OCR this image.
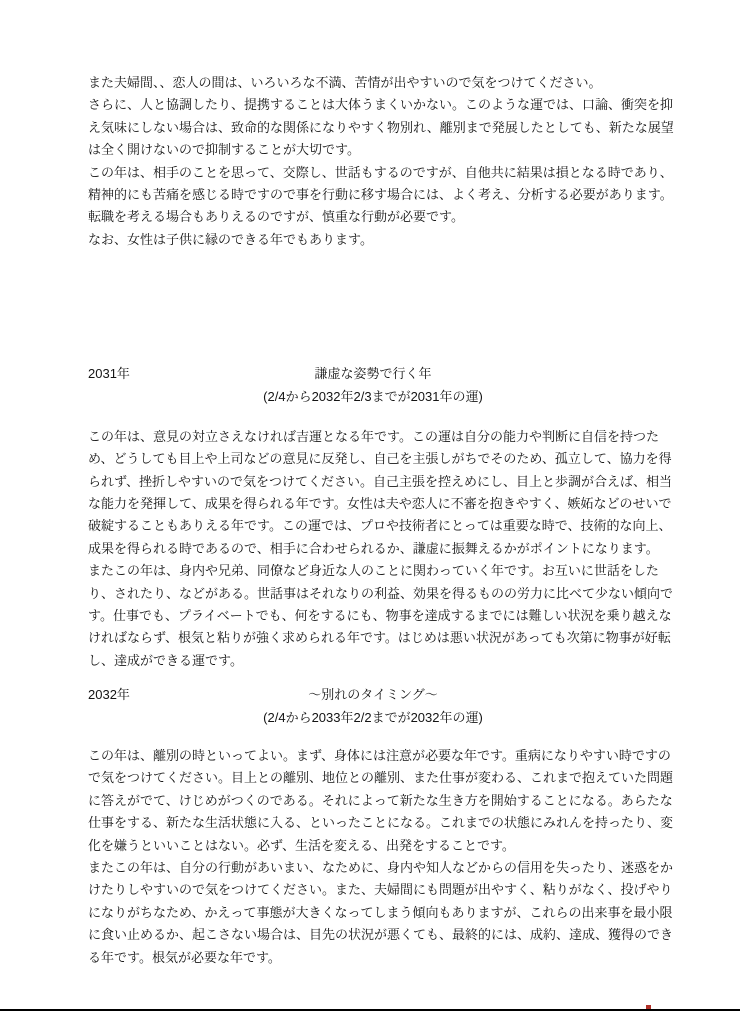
また夫婦間、、恋人の間は、いろいろな不満、苦情が出やすいので気をつけてください。
さらに、人と協調したり、提携することは大体うまくいかない。このような運では、口論、衝突を抑
え気味にしない場合は、致命的な関係になりやすく物別れ、離別まで発展したとしても、新たな展望
は全く開けないので抑制することが大切です。
この年は、相手のことを思って、交際し、世話もするのですが、自他共に結果は損となる時であり、
精神的にも苦痛を感じる時ですので事を行動に移す場合には、よく考え、分析する必要があります。
転職を考える場合もありえるのですが、慎重な行動が必要です。
なお、女性は子供に縁のできる年でもあります。
2031年	謙虚な姿勢で行く年
(2/4から2032年2/3までが2031年の運)
この年は、意見の対立さえなければ吉運となる年です。この運は自分の能力や判断に自信を持つた
め、どうしても目上や上司などの意見に反発し、自己を主張しがちでそのため、孤立して、協力を得
られず、挫折しやすいので気をつけてください。自己主張を控えめにし、目上と歩調が合えば、相当
な能力を発揮して、成果を得られる年です。女性は夫や恋人に不審を抱きやすく、嫉妬などのせいで
破綻することもありえる年です。この運では、プロや技術者にとっては重要な時で、技術的な向上、
成果を得られる時であるので、相手に合わせられるか、謙虚に振舞えるかがポイントになります。
またこの年は、身内や兄弟、同僚など身近な人のことに関わっていく年です。お互いに世話をした
り、されたり、などがある。世話事はそれなりの利益、効果を得るものの労力に比べて少ない傾向で
す。仕事でも、プライベートでも、何をするにも、物事を達成するまでには難しい状況を乗り越えな
ければならず、根気と粘りが強く求められる年です。はじめは悪い状況があっても次第に物事が好転
し、達成ができる運です。
2032年	～別れのタイミング～
(2/4から2033年2/2までが2032年の運)
この年は、離別の時といってよい。まず、身体には注意が必要な年です。重病になりやすい時ですの
で気をつけてください。目上との離別、地位との離別、また仕事が変わる、これまで抱えていた問題
に答えがでて、けじめがつくのである。それによって新たな生き方を開始することになる。あらたな
仕事をする、新たな生活状態に入る、といったことになる。これまでの状態にみれんを持ったり、変
化を嫌うといいことはない。必ず、生活を変える、出発をすることです。
またこの年は、自分の行動があいまい、なために、身内や知人などからの信用を失ったり、迷惑をか
けたりしやすいので気をつけてください。また、夫婦間にも問題が出やすく、粘りがなく、投げやり
になりがちなため、かえって事態が大きくなってしまう傾向もありますが、これらの出来事を最小限
に食い止めるか、起こさない場合は、目先の状況が悪くても、最終的には、成約、達成、獲得のでき
る年です。根気が必要な年です。
